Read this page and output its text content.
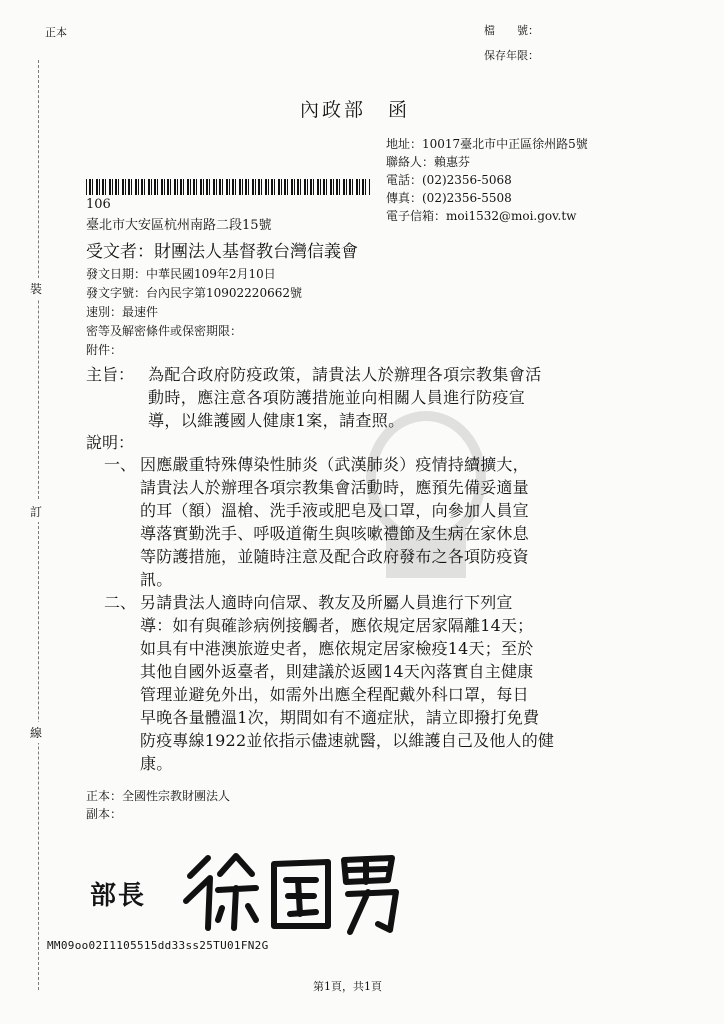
裝
訂
線
正本	檔　　號：
保存年限：
內政部　函
地址：10017臺北市中正區徐州路5號
聯絡人：賴惠芬
電話：(02)2356-5068
傳真：(02)2356-5508
電子信箱：moi1532@moi.gov.tw
106
臺北市大安區杭州南路二段15號
受文者：財團法人基督教台灣信義會
發文日期：中華民國109年2月10日
發文字號：台內民字第10902220662號
速別：最速件
密等及解密條件或保密期限：
附件：
主旨： 為配合政府防疫政策，請貴法人於辦理各項宗教集會活
動時，應注意各項防護措施並向相關人員進行防疫宣
導，以維護國人健康1案，請查照。
說明：
一、 因應嚴重特殊傳染性肺炎（武漢肺炎）疫情持續擴大，
請貴法人於辦理各項宗教集會活動時，應預先備妥適量
的耳（額）溫槍、洗手液或肥皂及口罩，向參加人員宣
導落實勤洗手、呼吸道衛生與咳嗽禮節及生病在家休息
等防護措施，並隨時注意及配合政府發布之各項防疫資
訊。
二、 另請貴法人適時向信眾、教友及所屬人員進行下列宣
導：如有與確診病例接觸者，應依規定居家隔離14天；
如具有中港澳旅遊史者，應依規定居家檢疫14天；至於
其他自國外返臺者，則建議於返國14天內落實自主健康
管理並避免外出，如需外出應全程配戴外科口罩，每日
早晚各量體溫1次，期間如有不適症狀，請立即撥打免費
防疫專線1922並依指示儘速就醫，以維護自己及他人的健
康。
正本：全國性宗教財團法人
副本：
部長
MM09oo02I1105515dd33ss25TU01FN2G
第1頁，共1頁
